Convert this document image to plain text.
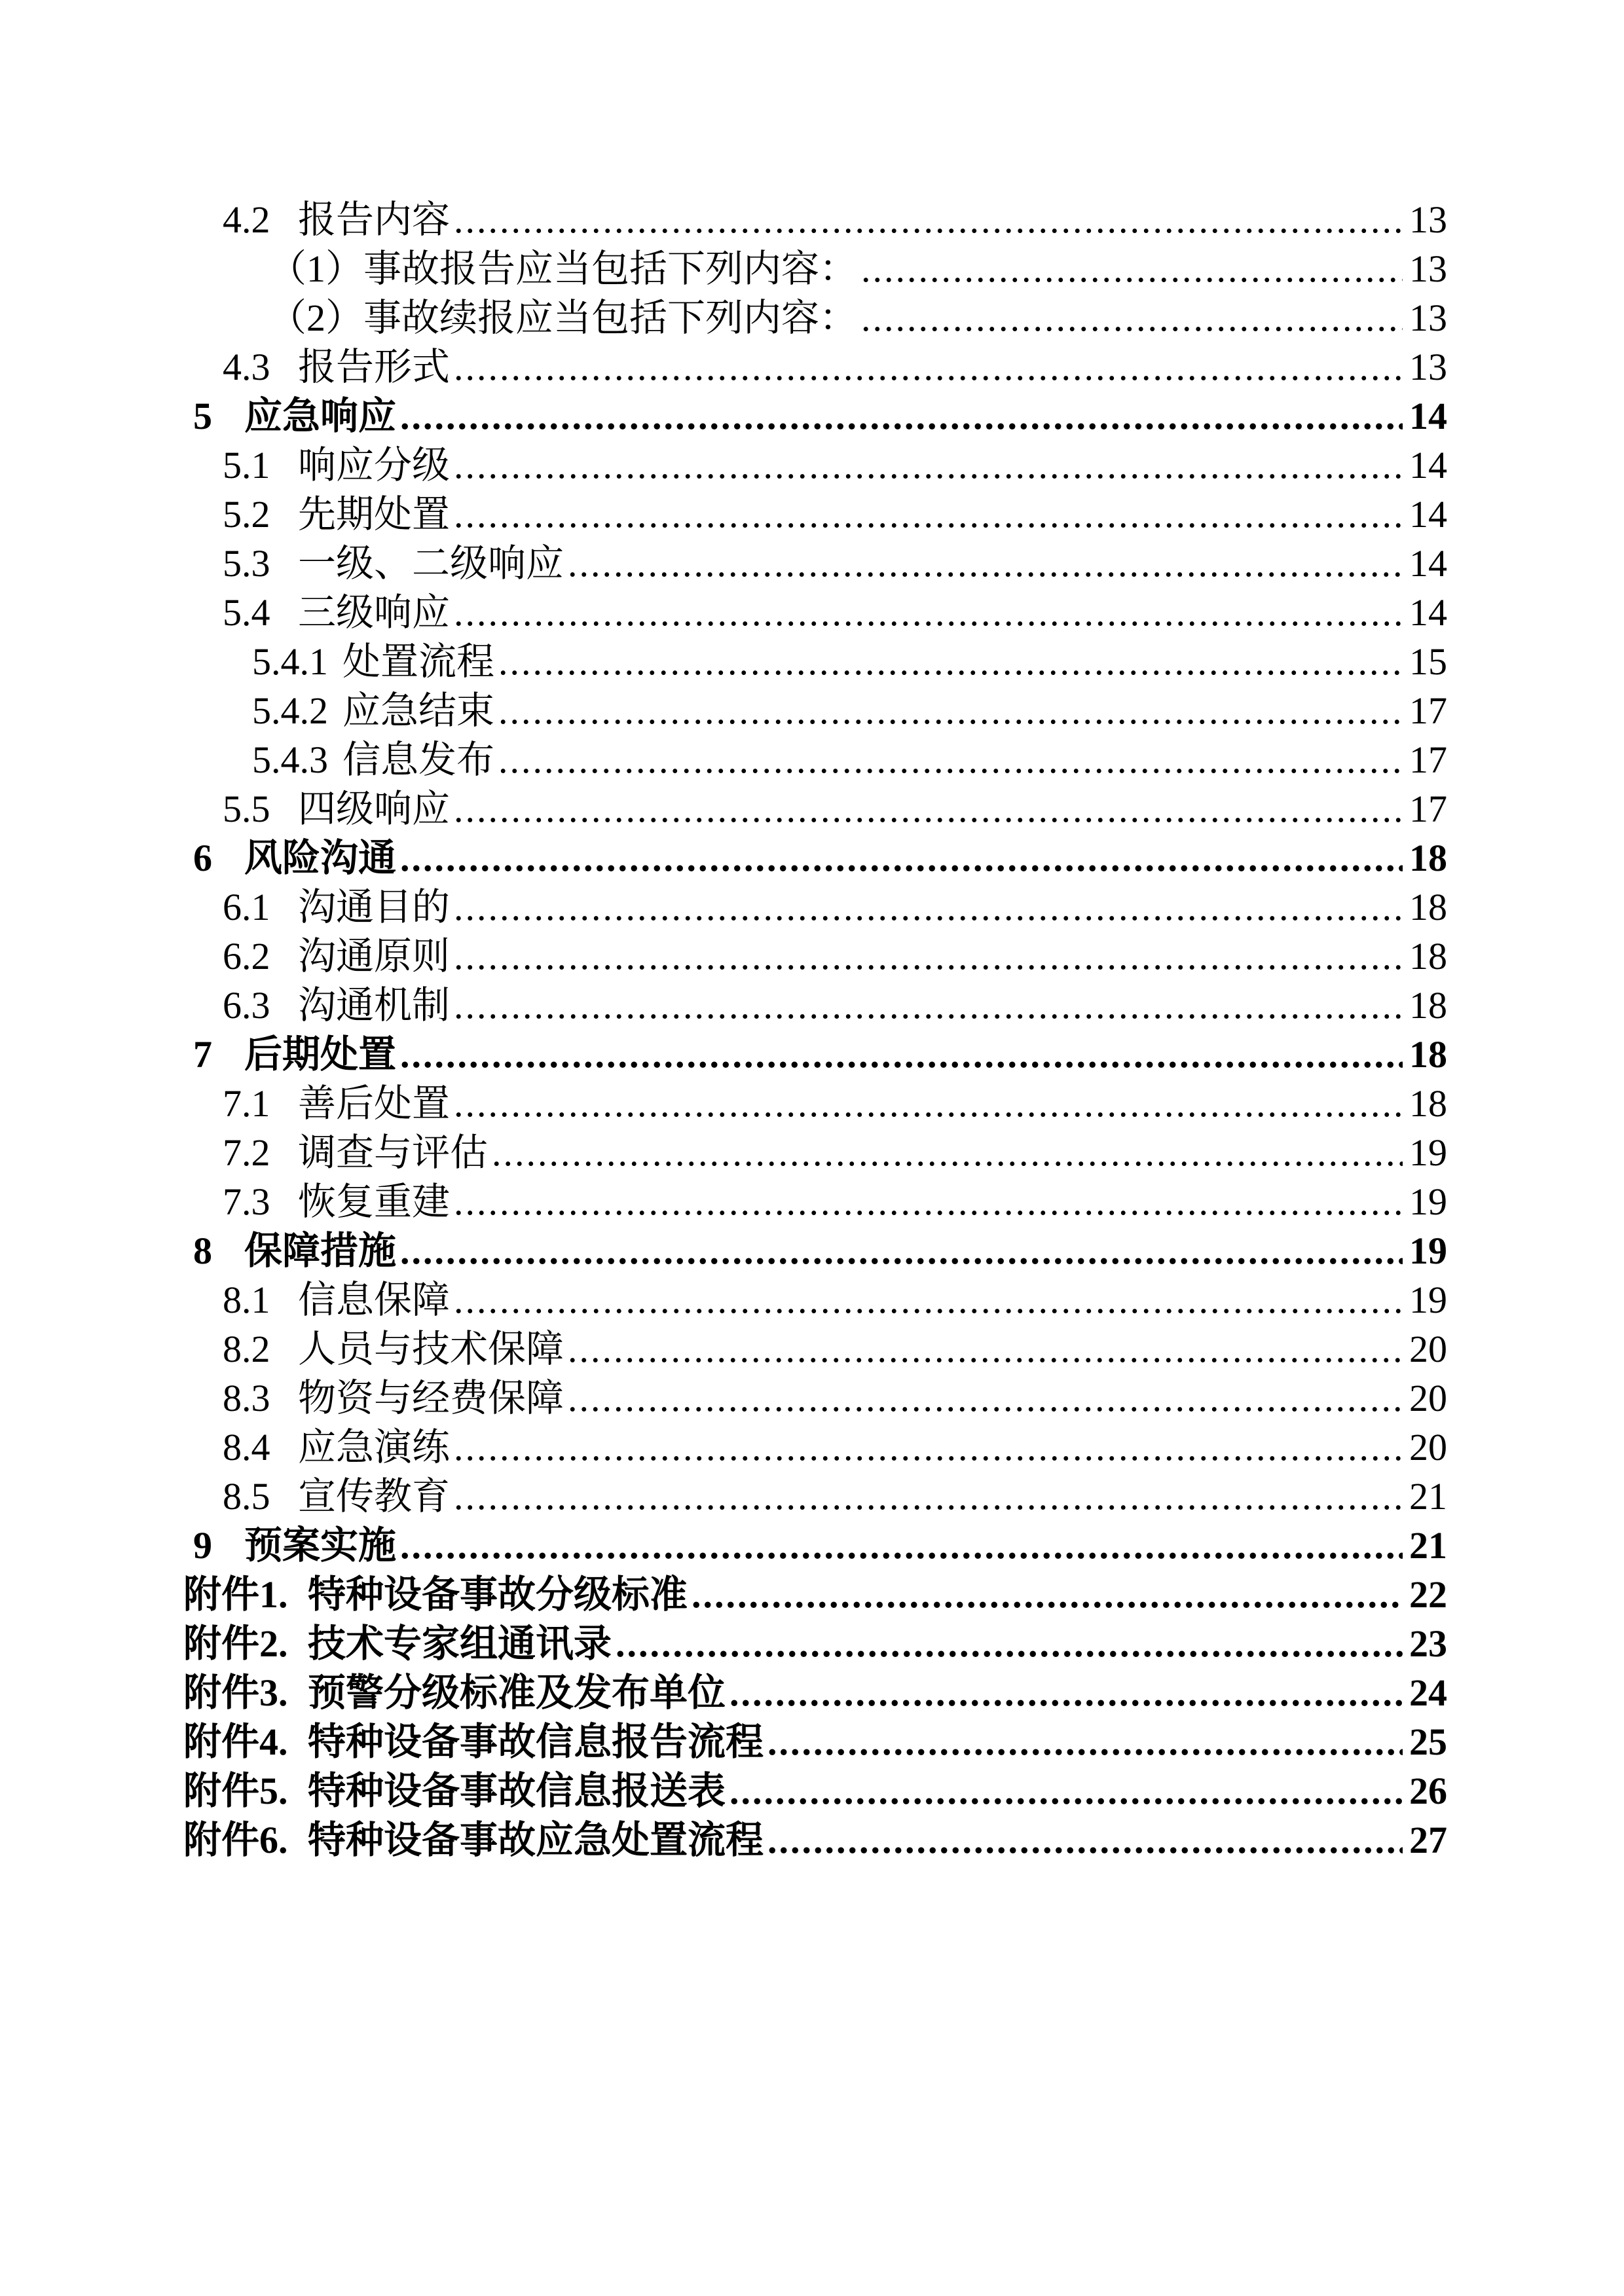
4.2 报告内容 .....	13
（1）事故报告应当包括下列内容： .....	13
（2）事故续报应当包括下列内容： .....	13
4.3 报告形式 .....	13
5 应急响应 .....	14
5.1 响应分级 .....	14
5.2 先期处置 .....	14
5.3 一级、二级响应 .....	14
5.4 三级响应 .....	14
5.4.1 处置流程 .....	15
5.4.2 应急结束 .....	17
5.4.3 信息发布 .....	17
5.5 四级响应 .....	17
6 风险沟通 .....	18
6.1 沟通目的 .....	18
6.2 沟通原则 .....	18
6.3 沟通机制 .....	18
7 后期处置 .....	18
7.1 善后处置 .....	18
7.2 调查与评估 .....	19
7.3 恢复重建 .....	19
8 保障措施 .....	19
8.1 信息保障 .....	19
8.2 人员与技术保障 .....	20
8.3 物资与经费保障 .....	20
8.4 应急演练 .....	20
8.5 宣传教育 .....	21
9 预案实施 .....	21
附件1. 特种设备事故分级标准 .....	22
附件2. 技术专家组通讯录 .....	23
附件3. 预警分级标准及发布单位 .....	24
附件4. 特种设备事故信息报告流程 .....	25
附件5. 特种设备事故信息报送表 .....	26
附件6. 特种设备事故应急处置流程 .....	27
